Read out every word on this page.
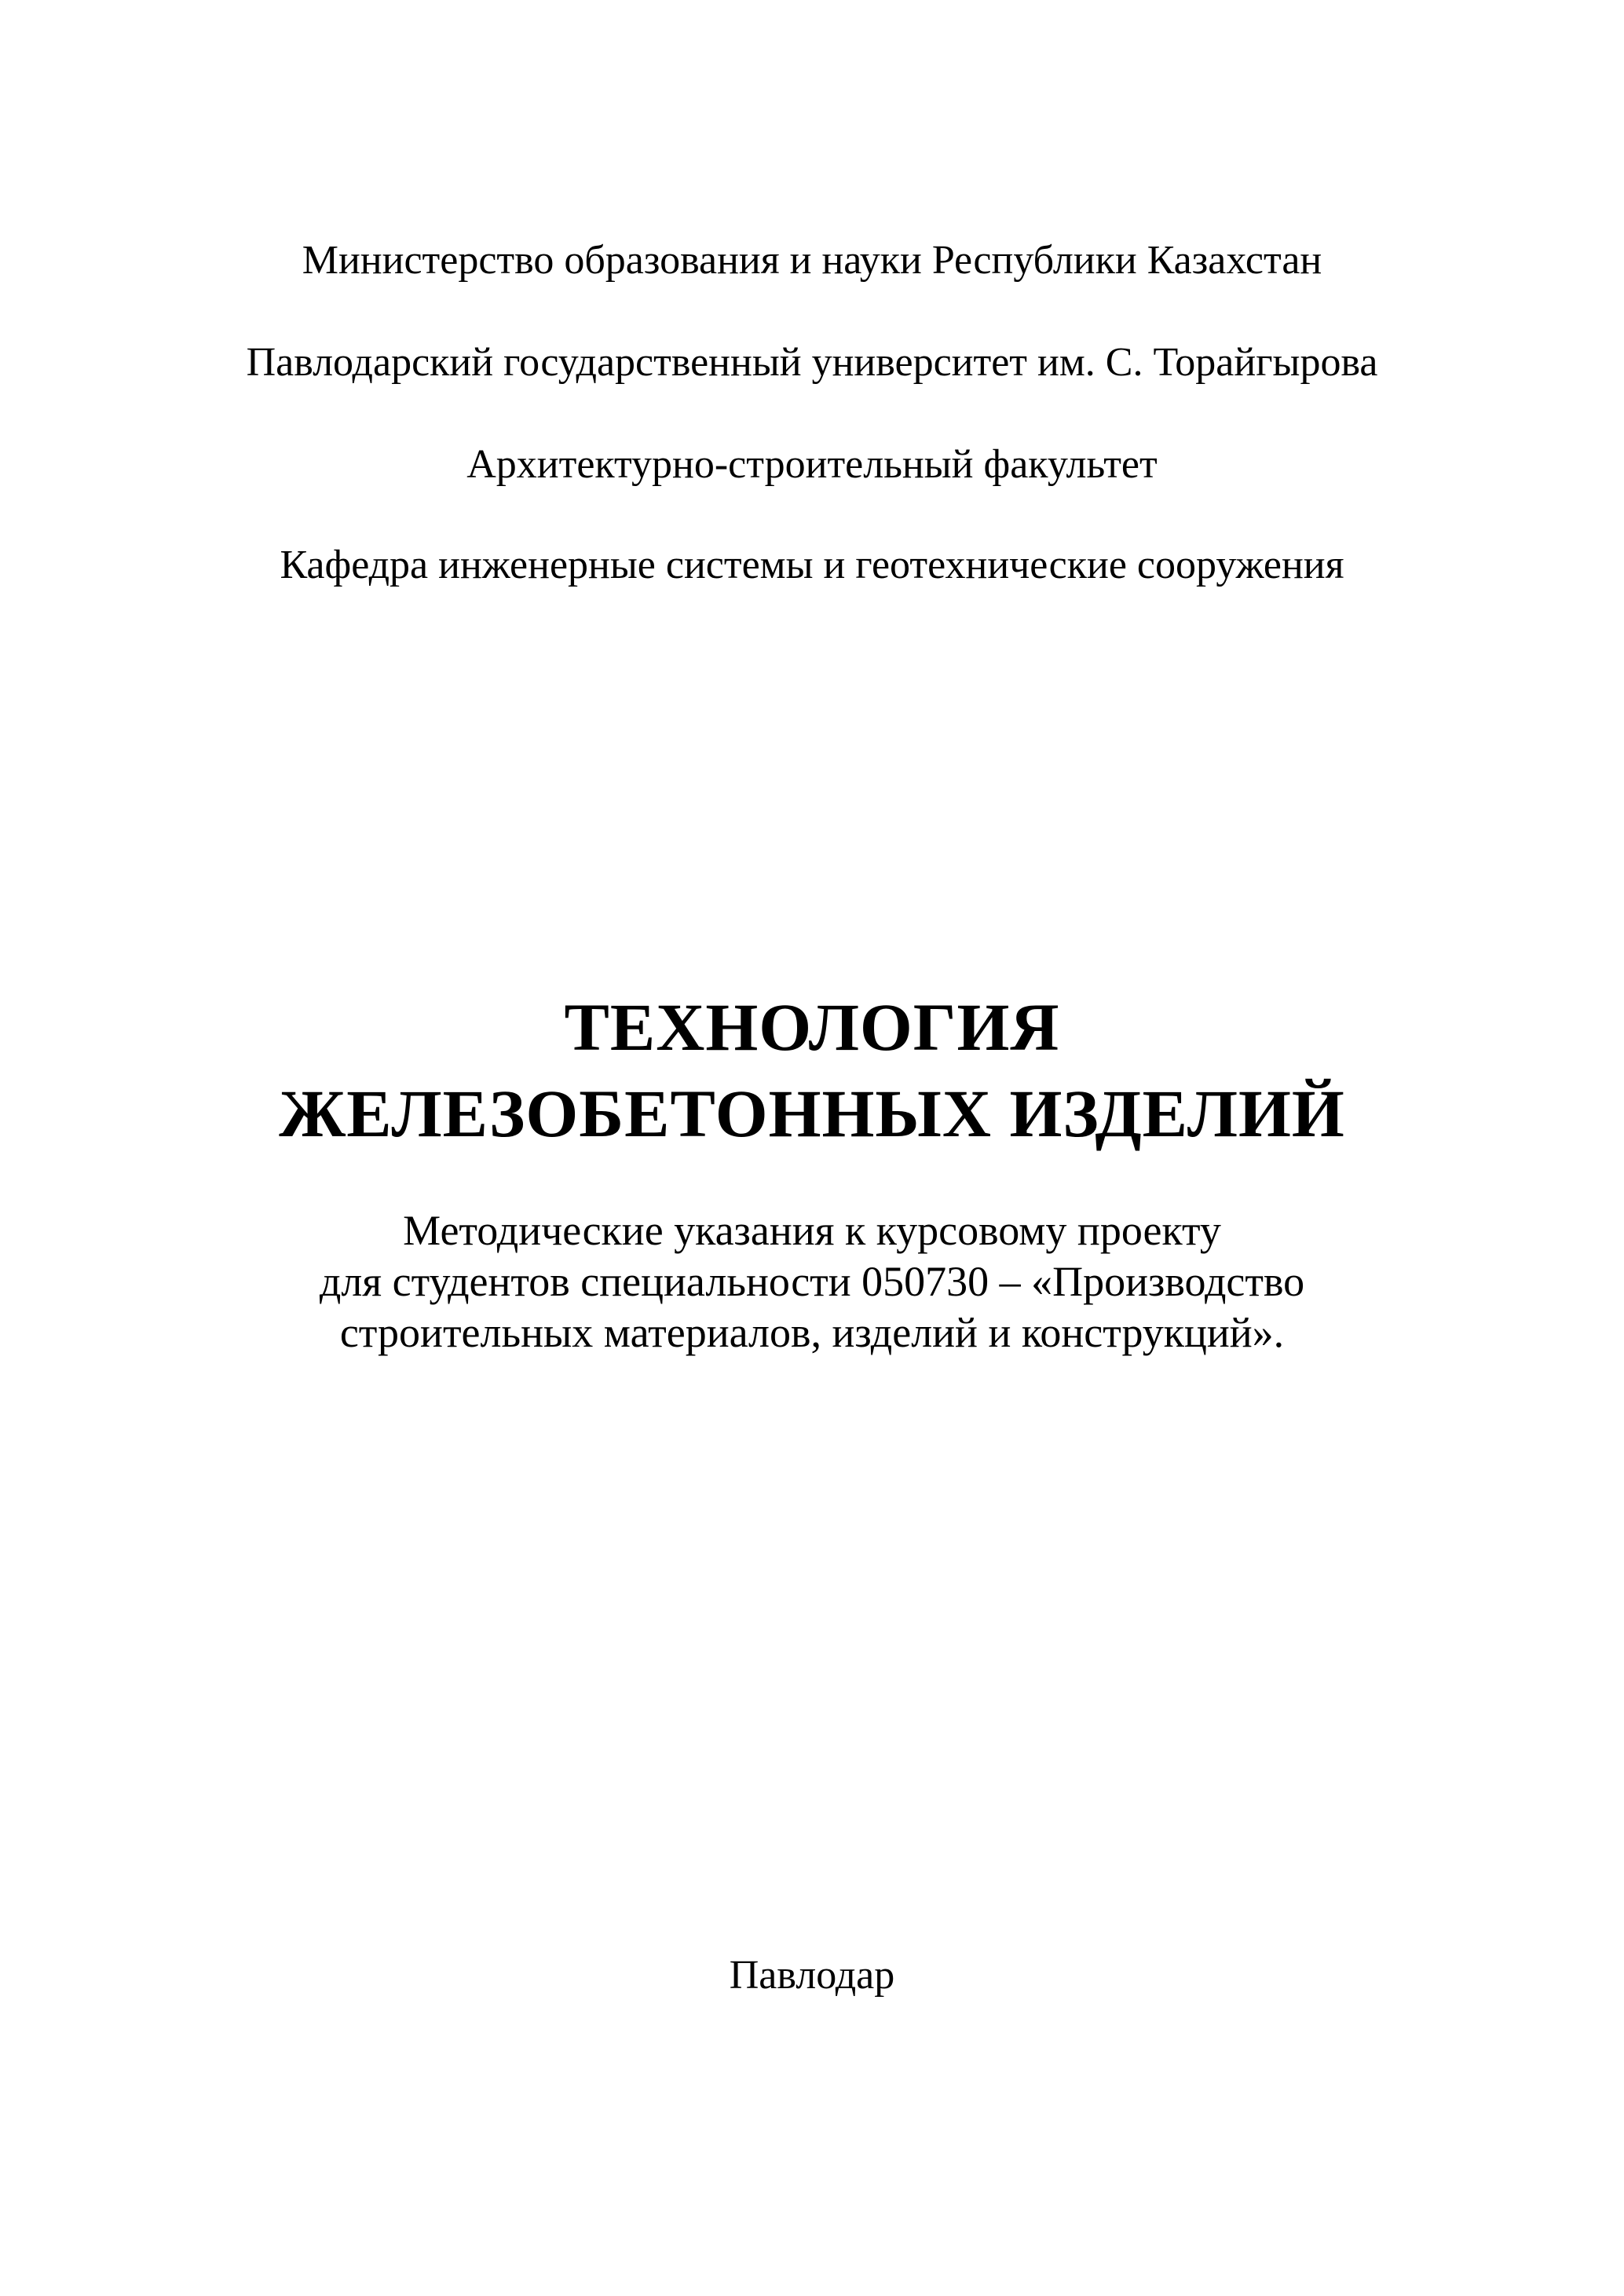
Министерство образования и науки Республики Казахстан
Павлодарский государственный университет им. С. Торайгырова
Архитектурно-строительный факультет
Кафедра инженерные системы и геотехнические сооружения
ТЕХНОЛОГИЯ
ЖЕЛЕЗОБЕТОННЫХ ИЗДЕЛИЙ
Методические указания к курсовому проекту
для студентов специальности 050730 – «Производство
строительных материалов, изделий и конструкций».
Павлодар
